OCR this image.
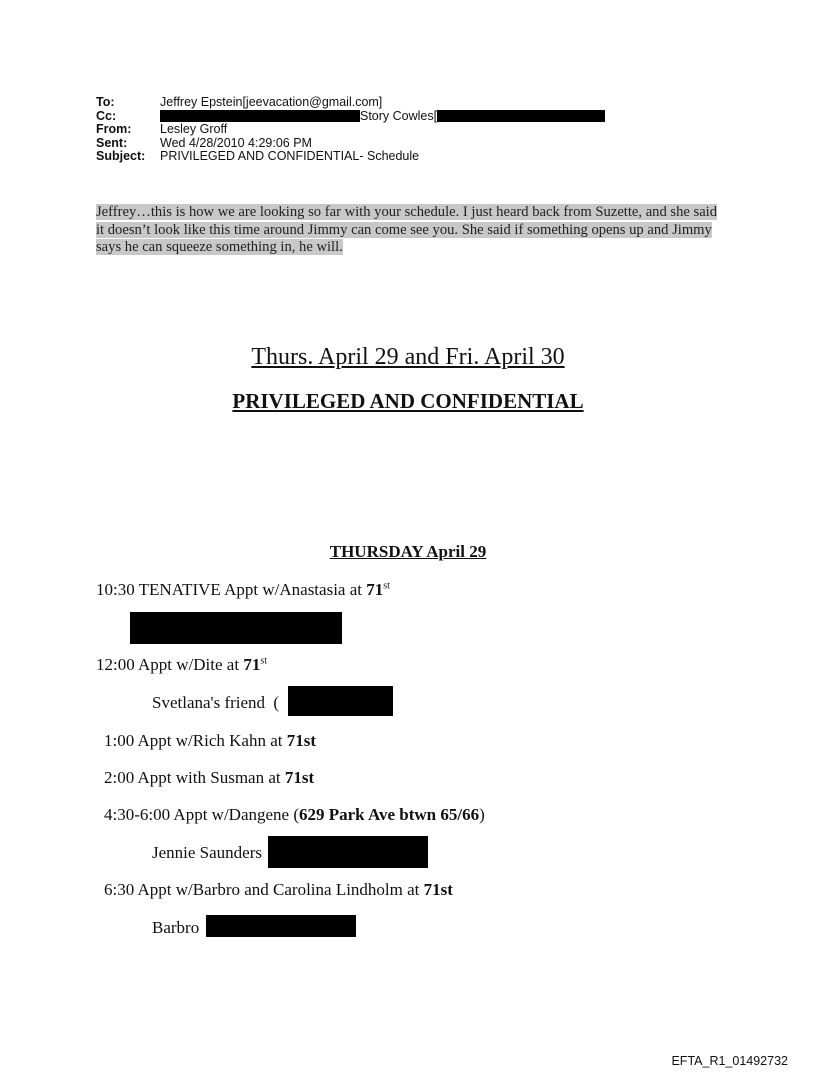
To:	Jeffrey Epstein[jeevacation@gmail.com]
Cc:	Story Cowles[
From:	Lesley Groff
Sent:	Wed 4/28/2010 4:29:06 PM
Subject:	PRIVILEGED AND CONFIDENTIAL- Schedule
Jeffrey…this is how we are looking so far with your schedule. I just heard back from Suzette, and she said it doesn’t look like this time around Jimmy can come see you. She said if something opens up and Jimmy says he can squeeze something in, he will.
Thurs. April 29 and Fri. April 30
PRIVILEGED AND CONFIDENTIAL
THURSDAY April 29
10:30 TENATIVE Appt w/Anastasia at 71st
12:00 Appt w/Dite at 71st
Svetlana's friend (
1:00 Appt w/Rich Kahn at 71st
2:00 Appt with Susman at 71st
4:30-6:00 Appt w/Dangene (629 Park Ave btwn 65/66)
Jennie Saunders
6:30 Appt w/Barbro and Carolina Lindholm at 71st
Barbro
EFTA_R1_01492732
